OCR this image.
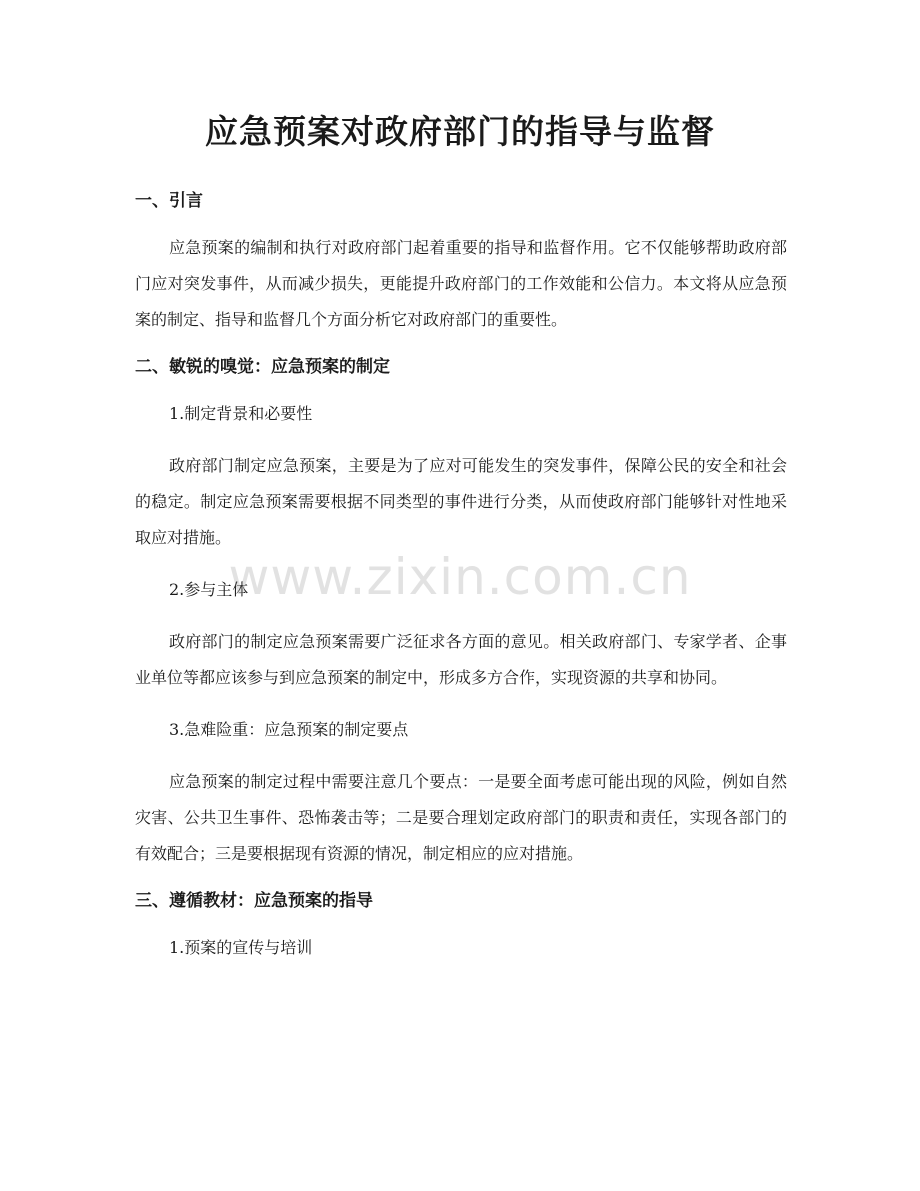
应急预案对政府部门的指导与监督
一、引言

应急预案的编制和执行对政府部门起着重要的指导和监督作用。它不仅能够帮助政府部门应对突发事件，从而减少损失，更能提升政府部门的工作效能和公信力。本文将从应急预案的制定、指导和监督几个方面分析它对政府部门的重要性。

二、敏锐的嗅觉：应急预案的制定

1.制定背景和必要性

政府部门制定应急预案，主要是为了应对可能发生的突发事件，保障公民的安全和社会的稳定。制定应急预案需要根据不同类型的事件进行分类，从而使政府部门能够针对性地采取应对措施。

2.参与主体

政府部门的制定应急预案需要广泛征求各方面的意见。相关政府部门、专家学者、企事业单位等都应该参与到应急预案的制定中，形成多方合作，实现资源的共享和协同。

3.急难险重：应急预案的制定要点

应急预案的制定过程中需要注意几个要点：一是要全面考虑可能出现的风险，例如自然灾害、公共卫生事件、恐怖袭击等；二是要合理划定政府部门的职责和责任，实现各部门的有效配合；三是要根据现有资源的情况，制定相应的应对措施。

三、遵循教材：应急预案的指导

1.预案的宣传与培训

www.zixin.com.cn
